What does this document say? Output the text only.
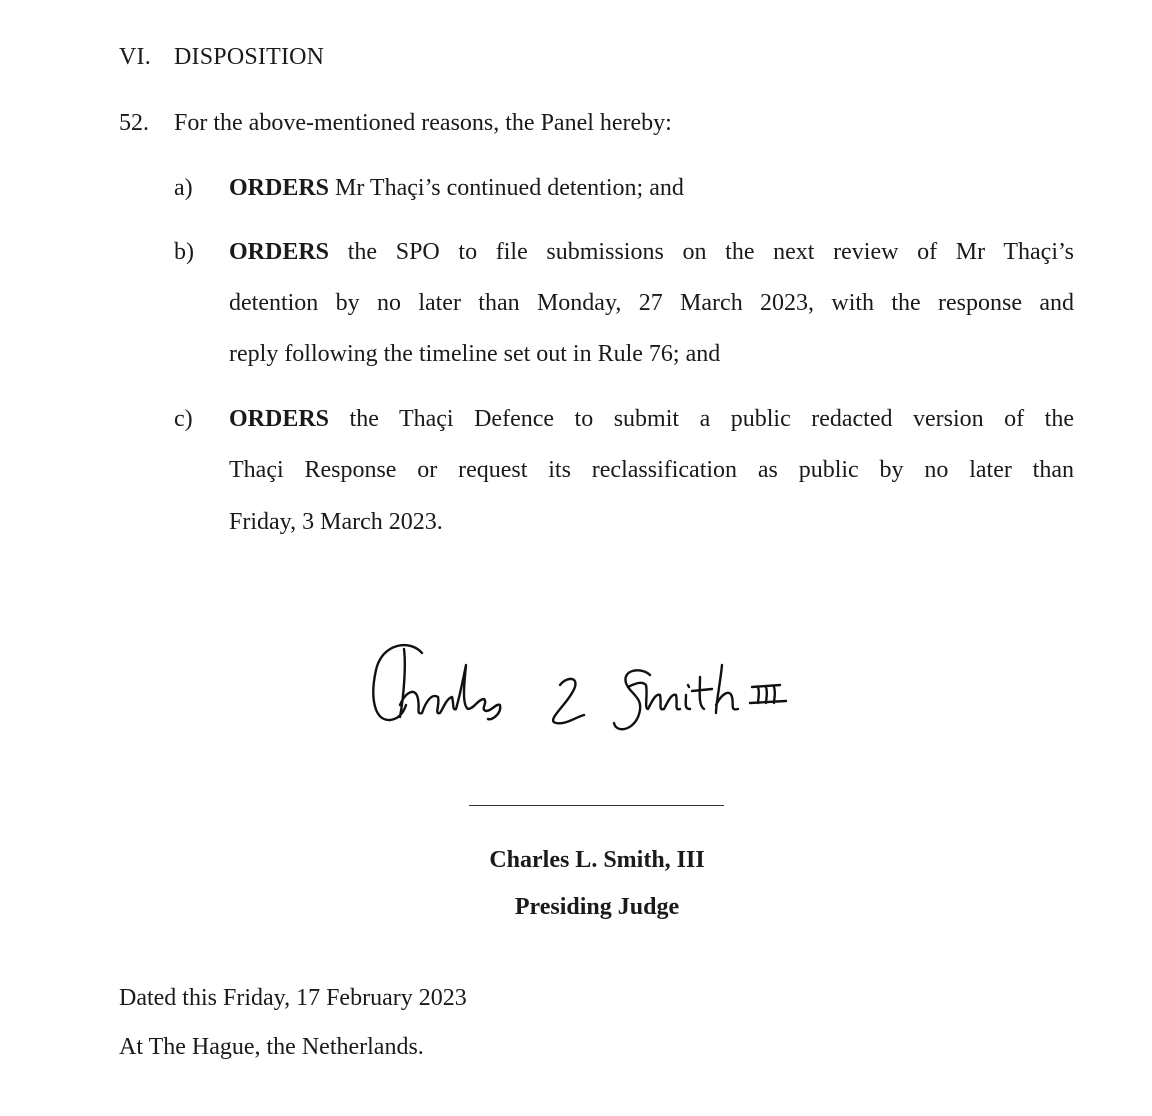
VI. DISPOSITION
52. For the above-mentioned reasons, the Panel hereby:
a) ORDERS Mr Thaçi’s continued detention; and
b) ORDERS the SPO to file submissions on the next review of Mr Thaçi’s
detention by no later than Monday, 27 March 2023, with the response and
reply following the timeline set out in Rule 76; and
c) ORDERS the Thaçi Defence to submit a public redacted version of the
Thaçi Response or request its reclassification as public by no later than
Friday, 3 March 2023.
Charles L. Smith, III
Presiding Judge
Dated this Friday, 17 February 2023
At The Hague, the Netherlands.
